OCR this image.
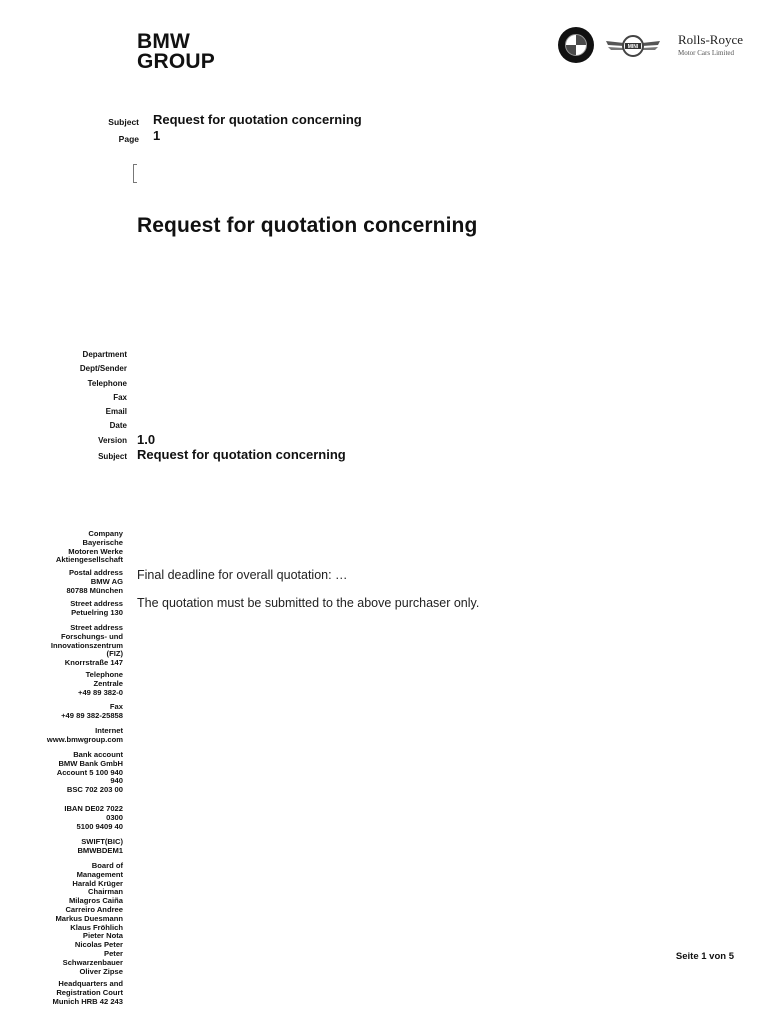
BMW
GROUP
MINI	Rolls-Royce
Motor Cars Limited
Subject Request for quotation concerning
Page 1
Request for quotation concerning
Department
Dept/Sender
Telephone
Fax
Email
Date
Version 1.0
Subject Request for quotation concerning
Final deadline for overall quotation: …
The quotation must be submitted to the above purchaser only.
Company
Bayerische
Motoren Werke
Aktiengesellschaft
Postal address
BMW AG
80788 München
Street address
Petuelring 130
Street address
Forschungs- und
Innovationszentrum
(FIZ)
Knorrstraße 147
Telephone
Zentrale
+49 89 382-0
Fax
+49 89 382-25858
Internet
www.bmwgroup.com
Bank account
BMW Bank GmbH
Account 5 100 940
940
BSC 702 203 00
IBAN DE02 7022
0300
5100 9409 40
SWIFT(BIC)
BMWBDEM1
Board of
Management
Harald Krüger
Chairman
Milagros Caiña
Carreiro Andree
Markus Duesmann
Klaus Fröhlich
Pieter Nota
Nicolas Peter
Peter
Schwarzenbauer
Oliver Zipse
Headquarters and
Registration Court
Munich HRB 42 243
Seite 1 von 5
